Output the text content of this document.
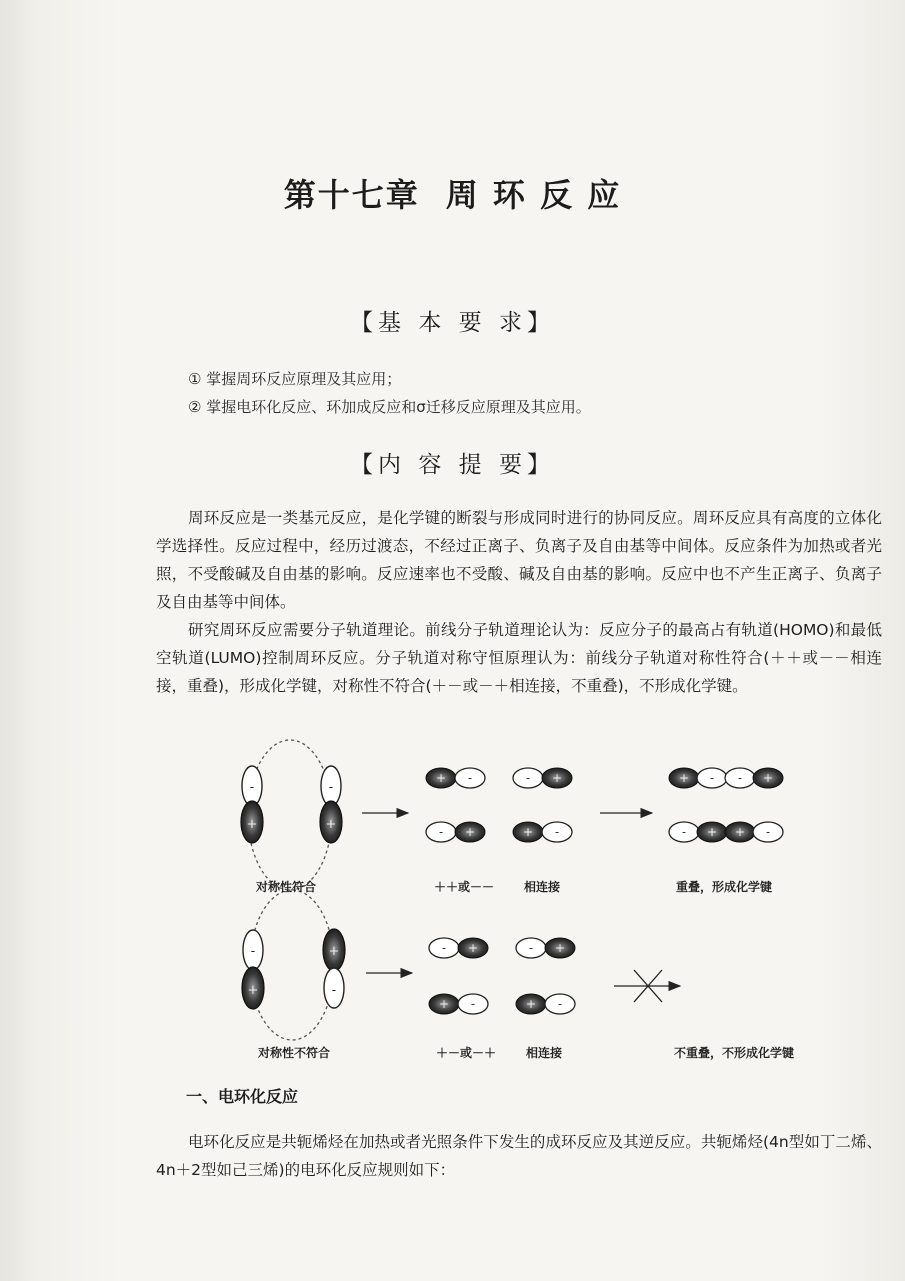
第十七章 周 环 反 应
【基 本 要 求】
① 掌握周环反应原理及其应用；
② 掌握电环化反应、环加成反应和σ迁移反应原理及其应用。
【内 容 提 要】

周环反应是一类基元反应，是化学键的断裂与形成同时进行的协同反应。周环反应具有高度的立体化学选择性。反应过程中，经历过渡态，不经过正离子、负离子及自由基等中间体。反应条件为加热或者光照，不受酸碱及自由基的影响。反应速率也不受酸、碱及自由基的影响。反应中也不产生正离子、负离子及自由基等中间体。

研究周环反应需要分子轨道理论。前线分子轨道理论认为：反应分子的最高占有轨道(HOMO)和最低空轨道(LUMO)控制周环反应。分子轨道对称守恒原理认为：前线分子轨道对称性符合(＋＋或－－相连接，重叠)，形成化学键，对称性不符合(＋－或－＋相连接，不重叠)，不形成化学键。

-
+
-
+
+ -	- +
- +	+ -
+ - - +
- + + -
-
+
+
-
- +	- +
+ -	+ -
对称性符合	＋＋或－－ 相连接	重叠，形成化学键
对称性不符合	＋－或－＋ 相连接	不重叠，不形成化学键
一、电环化反应

电环化反应是共轭烯烃在加热或者光照条件下发生的成环反应及其逆反应。共轭烯烃(4n型如丁二烯、4n＋2型如己三烯)的电环化反应规则如下：
